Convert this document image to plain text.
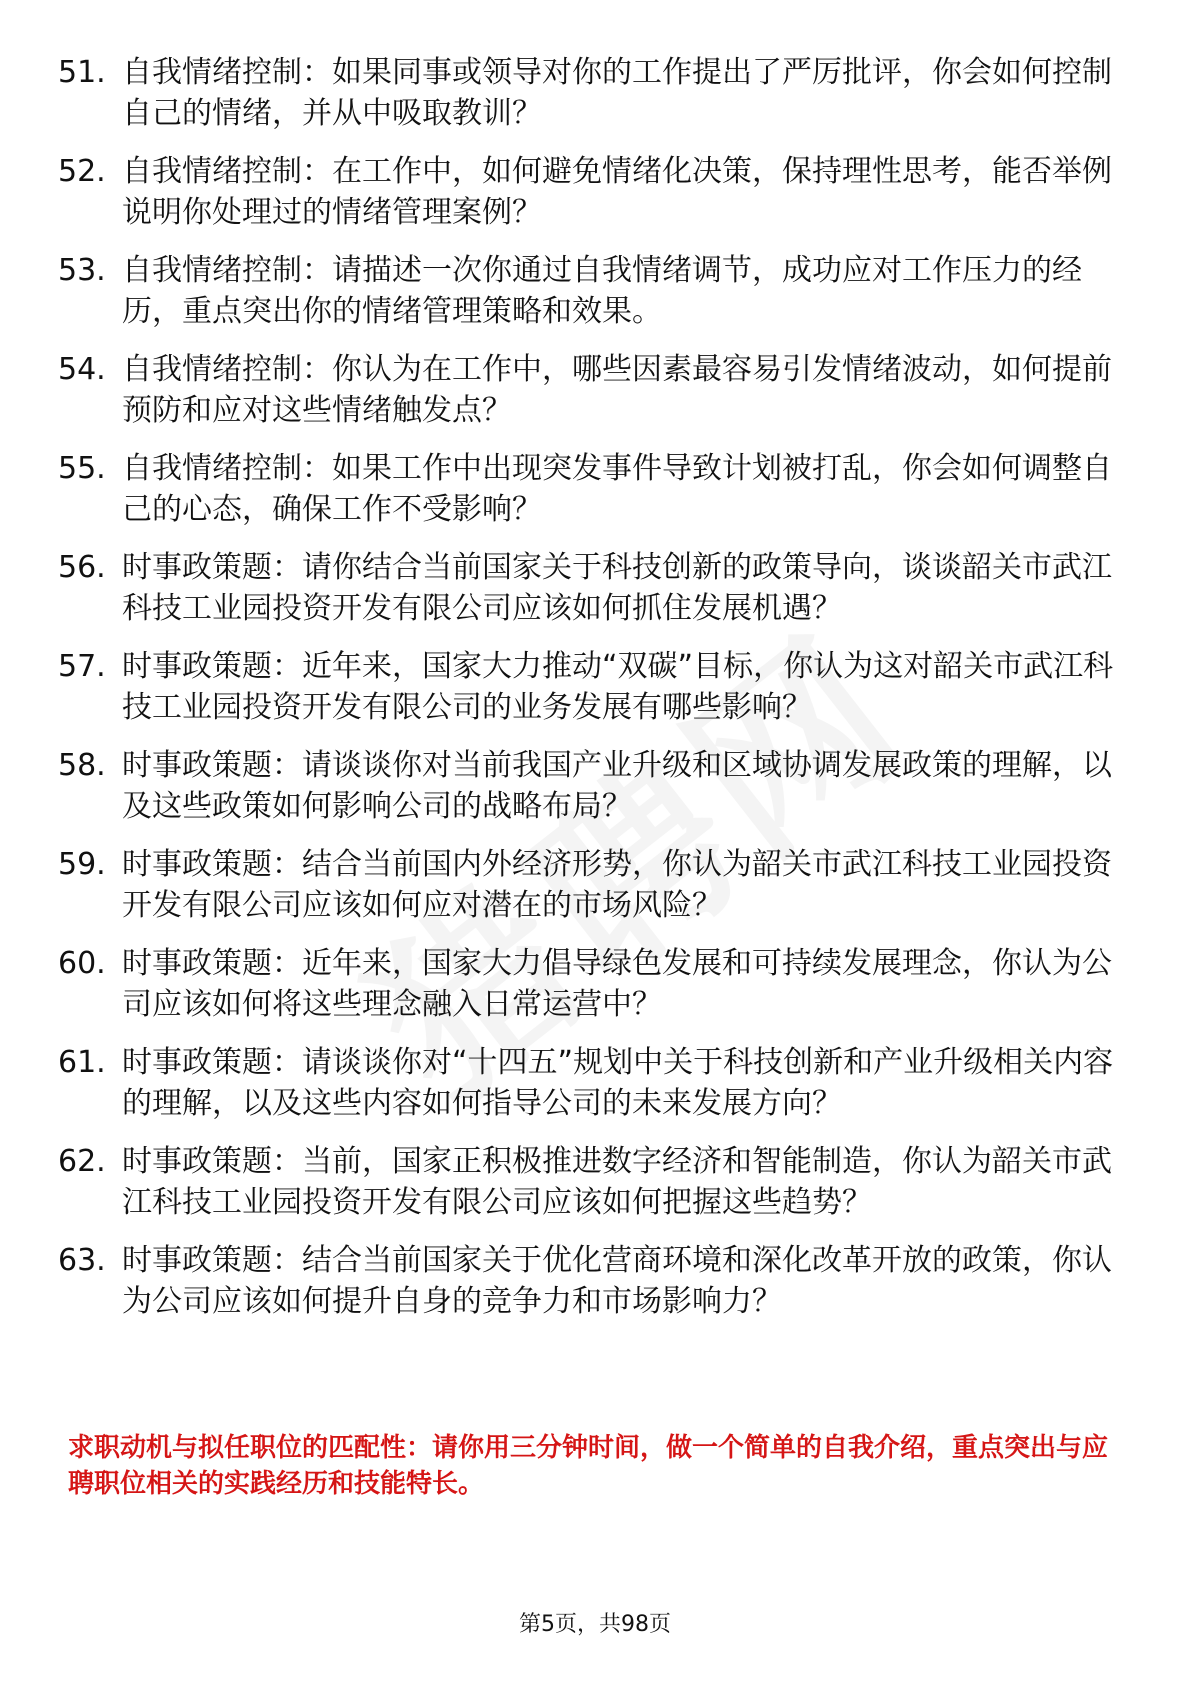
51. 自我情绪控制：如果同事或领导对你的工作提出了严厉批评，你会如何控制自己的情绪，并从中吸取教训？
52. 自我情绪控制：在工作中，如何避免情绪化决策，保持理性思考，能否举例说明你处理过的情绪管理案例？
53. 自我情绪控制：请描述一次你通过自我情绪调节，成功应对工作压力的经历，重点突出你的情绪管理策略和效果。
54. 自我情绪控制：你认为在工作中，哪些因素最容易引发情绪波动，如何提前预防和应对这些情绪触发点？
55. 自我情绪控制：如果工作中出现突发事件导致计划被打乱，你会如何调整自己的心态，确保工作不受影响？
56. 时事政策题：请你结合当前国家关于科技创新的政策导向，谈谈韶关市武江科技工业园投资开发有限公司应该如何抓住发展机遇？
57. 时事政策题：近年来，国家大力推动“双碳”目标，你认为这对韶关市武江科技工业园投资开发有限公司的业务发展有哪些影响？
58. 时事政策题：请谈谈你对当前我国产业升级和区域协调发展政策的理解，以及这些政策如何影响公司的战略布局？
59. 时事政策题：结合当前国内外经济形势，你认为韶关市武江科技工业园投资开发有限公司应该如何应对潜在的市场风险？
60. 时事政策题：近年来，国家大力倡导绿色发展和可持续发展理念，你认为公司应该如何将这些理念融入日常运营中？
61. 时事政策题：请谈谈你对“十四五”规划中关于科技创新和产业升级相关内容的理解，以及这些内容如何指导公司的未来发展方向？
62. 时事政策题：当前，国家正积极推进数字经济和智能制造，你认为韶关市武江科技工业园投资开发有限公司应该如何把握这些趋势？
63. 时事政策题：结合当前国家关于优化营商环境和深化改革开放的政策，你认为公司应该如何提升自身的竞争力和市场影响力？
求职动机与拟任职位的匹配性：请你用三分钟时间，做一个简单的自我介绍，重点突出与应聘职位相关的实践经历和技能特长。
第5页，共98页
